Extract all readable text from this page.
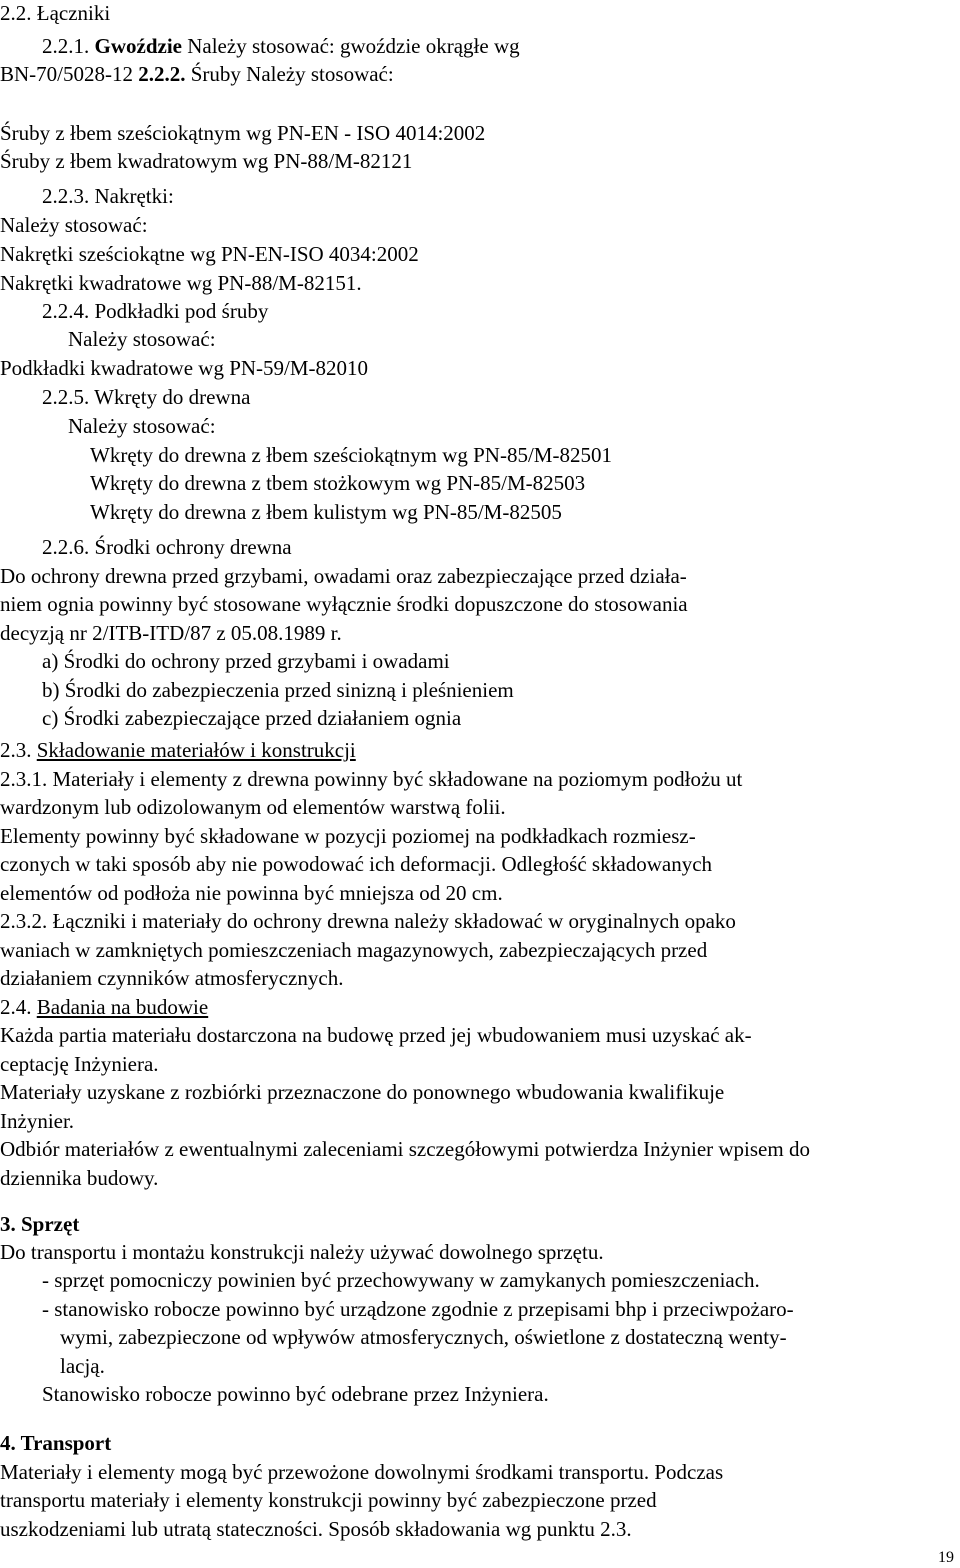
2.2. Łączniki
2.2.1. Gwoździe Należy stosować: gwoździe okrągłe wg
BN-70/5028-12 2.2.2. Śruby Należy stosować:
Śruby z łbem sześciokątnym wg PN-EN - ISO 4014:2002
Śruby z łbem kwadratowym wg PN-88/M-82121
2.2.3. Nakrętki:
Należy stosować:
Nakrętki sześciokątne wg PN-EN-ISO 4034:2002
Nakrętki kwadratowe wg PN-88/M-82151.
2.2.4. Podkładki pod śruby
Należy stosować:
Podkładki kwadratowe wg PN-59/M-82010
2.2.5. Wkręty do drewna
Należy stosować:
Wkręty do drewna z łbem sześciokątnym wg PN-85/M-82501
Wkręty do drewna z tbem stożkowym wg PN-85/M-82503
Wkręty do drewna z łbem kulistym wg PN-85/M-82505
2.2.6. Środki ochrony drewna
Do ochrony drewna przed grzybami, owadami oraz zabezpieczające przed działa-
niem ognia powinny być stosowane wyłącznie środki dopuszczone do stosowania
decyzją nr 2/ITB-ITD/87 z 05.08.1989 r.
a) Środki do ochrony przed grzybami i owadami
b) Środki do zabezpieczenia przed sinizną i pleśnieniem
c) Środki zabezpieczające przed działaniem ognia
2.3. Składowanie materiałów i konstrukcji
2.3.1. Materiały i elementy z drewna powinny być składowane na poziomym podłożu ut
wardzonym lub odizolowanym od elementów warstwą folii.
Elementy powinny być składowane w pozycji poziomej na podkładkach rozmiesz-
czonych w taki sposób aby nie powodować ich deformacji. Odległość składowanych
elementów od podłoża nie powinna być mniejsza od 20 cm.
2.3.2. Łączniki i materiały do ochrony drewna należy składować w oryginalnych opako
waniach w zamkniętych pomieszczeniach magazynowych, zabezpieczających przed
działaniem czynników atmosferycznych.
2.4. Badania na budowie
Każda partia materiału dostarczona na budowę przed jej wbudowaniem musi uzyskać ak-
ceptację Inżyniera.
Materiały uzyskane z rozbiórki przeznaczone do ponownego wbudowania kwalifikuje
Inżynier.
Odbiór materiałów z ewentualnymi zaleceniami szczegółowymi potwierdza Inżynier wpisem do
dziennika budowy.
3. Sprzęt
Do transportu i montażu konstrukcji należy używać dowolnego sprzętu.
- sprzęt pomocniczy powinien być przechowywany w zamykanych pomieszczeniach.
- stanowisko robocze powinno być urządzone zgodnie z przepisami bhp i przeciwpożaro-
wymi, zabezpieczone od wpływów atmosferycznych, oświetlone z dostateczną wenty-
lacją.
Stanowisko robocze powinno być odebrane przez Inżyniera.
4. Transport
Materiały i elementy mogą być przewożone dowolnymi środkami transportu. Podczas
transportu materiały i elementy konstrukcji powinny być zabezpieczone przed
uszkodzeniami lub utratą stateczności. Sposób składowania wg punktu 2.3.
19
